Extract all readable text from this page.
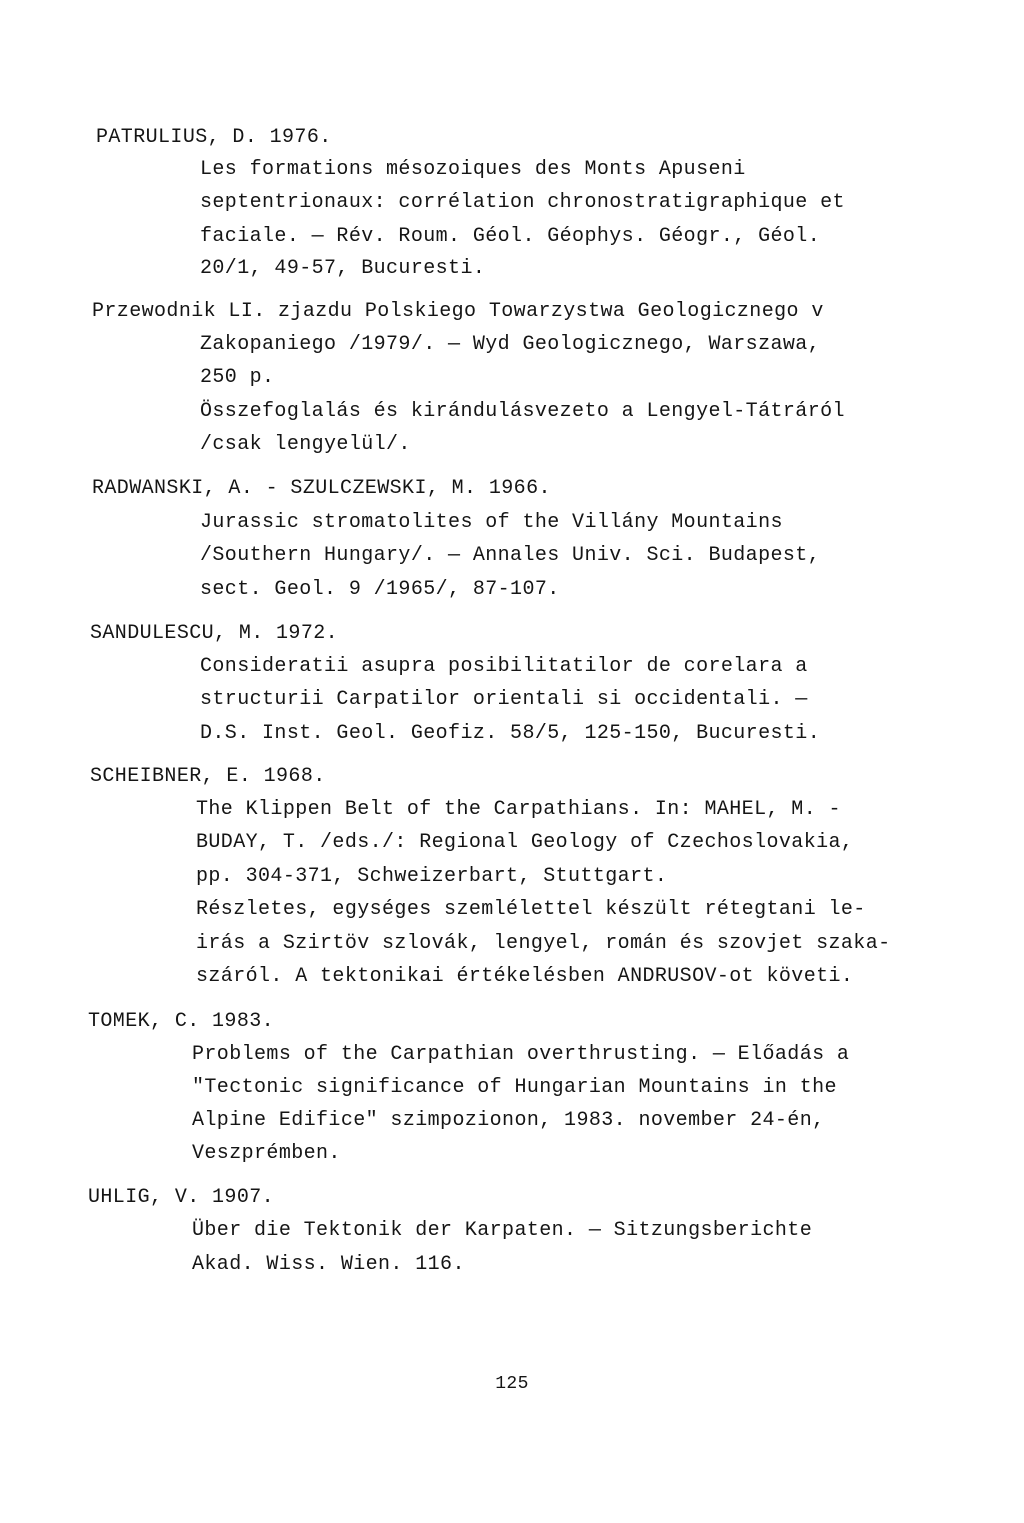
PATRULIUS, D. 1976.
Les formations mésozoiques des Monts Apuseni
septentrionaux: corrélation chronostratigraphique et
faciale. — Rév. Roum. Géol. Géophys. Géogr., Géol.
20/1, 49-57, Bucuresti.
Przewodnik LI. zjazdu Polskiego Towarzystwa Geologicznego v
Zakopaniego /1979/. — Wyd Geologicznego, Warszawa,
250 p.
Összefoglalás és kirándulásvezeto a Lengyel-Tátráról
/csak lengyelül/.
RADWANSKI, A. - SZULCZEWSKI, M. 1966.
Jurassic stromatolites of the Villány Mountains
/Southern Hungary/. — Annales Univ. Sci. Budapest,
sect. Geol. 9 /1965/, 87-107.
SANDULESCU, M. 1972.
Consideratii asupra posibilitatilor de corelara a
structurii Carpatilor orientali si occidentali. —
D.S. Inst. Geol. Geofiz. 58/5, 125-150, Bucuresti.
SCHEIBNER, E. 1968.
The Klippen Belt of the Carpathians. In: MAHEL, M. -
BUDAY, T. /eds./: Regional Geology of Czechoslovakia,
pp. 304-371, Schweizerbart, Stuttgart.
Részletes, egységes szemlélettel készült rétegtani le-
irás a Szirtöv szlovák, lengyel, román és szovjet szaka-
száról. A tektonikai értékelésben ANDRUSOV-ot követi.
TOMEK, C. 1983.
Problems of the Carpathian overthrusting. — Előadás a
"Tectonic significance of Hungarian Mountains in the
Alpine Edifice" szimpozionon, 1983. november 24-én,
Veszprémben.
UHLIG, V. 1907.
Über die Tektonik der Karpaten. — Sitzungsberichte
Akad. Wiss. Wien. 116.
125
